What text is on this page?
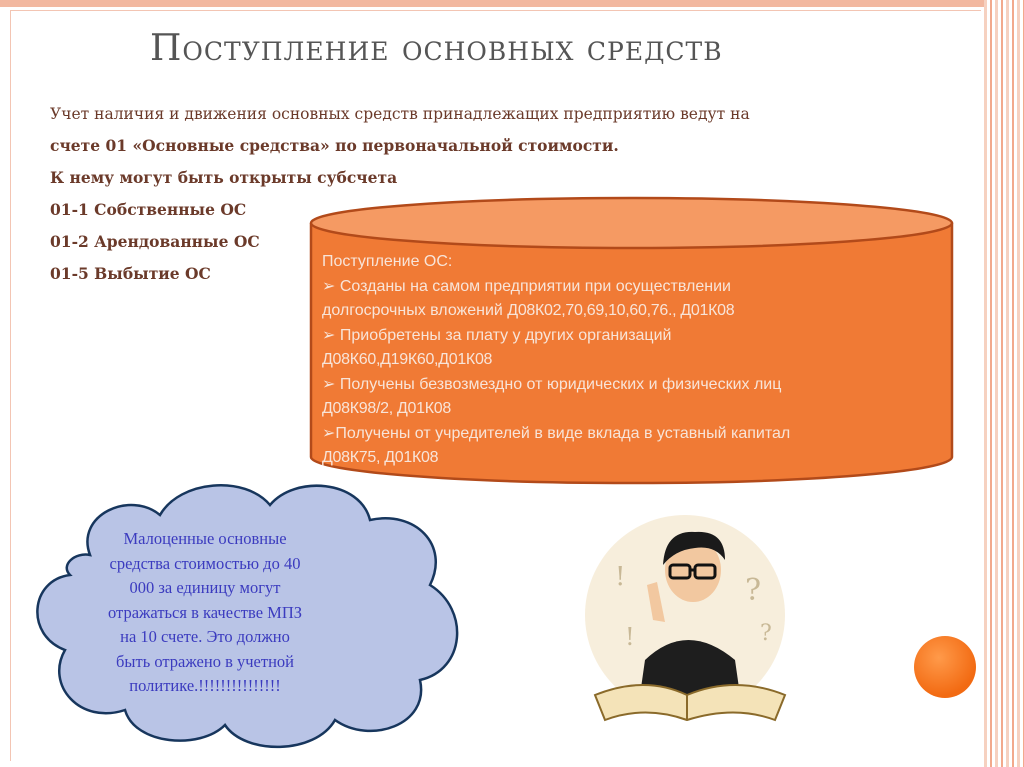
Поступление основных средств
Учет наличия и движения основных средств принадлежащих предприятию ведут на
счете 01 «Основные средства» по первоначальной стоимости.
К нему могут быть открыты субсчета
01-1 Собственные ОС
01-2 Арендованные ОС
01-5 Выбытие ОС
Поступление ОС:
➢ Созданы на самом предприятии при осуществлении
долгосрочных вложений Д08К02,70,69,10,60,76., Д01К08
➢ Приобретены за плату у других организаций
Д08К60,Д19К60,Д01К08
➢ Получены безвозмездно от юридических и физических лиц
Д08К98/2, Д01К08
➢Получены от учредителей в виде вклада в уставный капитал
Д08К75, Д01К08
Малоценные основные
средства стоимостью до 40
000 за единицу могут
отражаться в качестве МПЗ
на 10 счете. Это должно
быть отражено в учетной
политике.!!!!!!!!!!!!!!!
!
!
?
?
